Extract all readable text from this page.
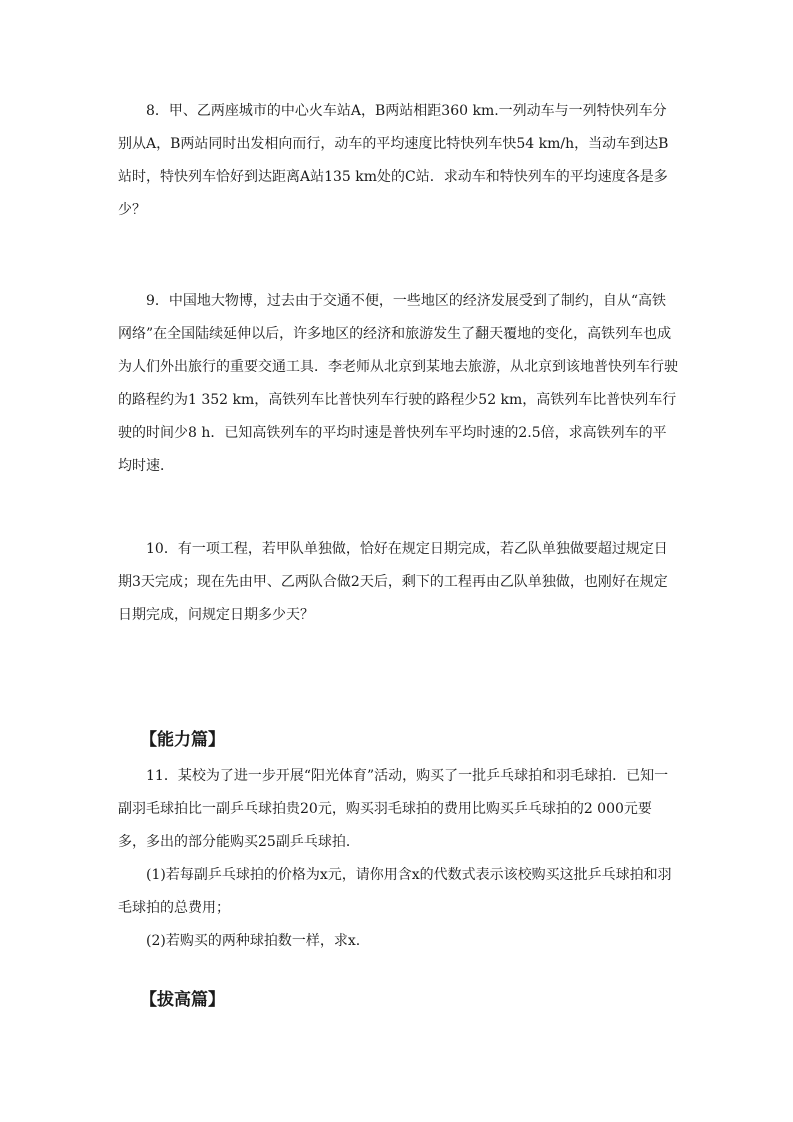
8．甲、乙两座城市的中心火车站A，B两站相距360 km.一列动车与一列特快列车分别从A，B两站同时出发相向而行，动车的平均速度比特快列车快54 km/h，当动车到达B站时，特快列车恰好到达距离A站135 km处的C站．求动车和特快列车的平均速度各是多少？

9．中国地大物博，过去由于交通不便，一些地区的经济发展受到了制约，自从“高铁网络”在全国陆续延伸以后，许多地区的经济和旅游发生了翻天覆地的变化，高铁列车也成为人们外出旅行的重要交通工具．李老师从北京到某地去旅游，从北京到该地普快列车行驶的路程约为1 352 km，高铁列车比普快列车行驶的路程少52 km，高铁列车比普快列车行驶的时间少8 h．已知高铁列车的平均时速是普快列车平均时速的2.5倍，求高铁列车的平均时速．

10．有一项工程，若甲队单独做，恰好在规定日期完成，若乙队单独做要超过规定日期3天完成；现在先由甲、乙两队合做2天后，剩下的工程再由乙队单独做，也刚好在规定日期完成，问规定日期多少天？

【能力篇】

11．某校为了进一步开展“阳光体育”活动，购买了一批乒乓球拍和羽毛球拍．已知一副羽毛球拍比一副乒乓球拍贵20元，购买羽毛球拍的费用比购买乒乓球拍的2 000元要多，多出的部分能购买25副乒乓球拍．

(1)若每副乒乓球拍的价格为x元，请你用含x的代数式表示该校购买这批乒乓球拍和羽毛球拍的总费用；

(2)若购买的两种球拍数一样，求x.

【拔高篇】
